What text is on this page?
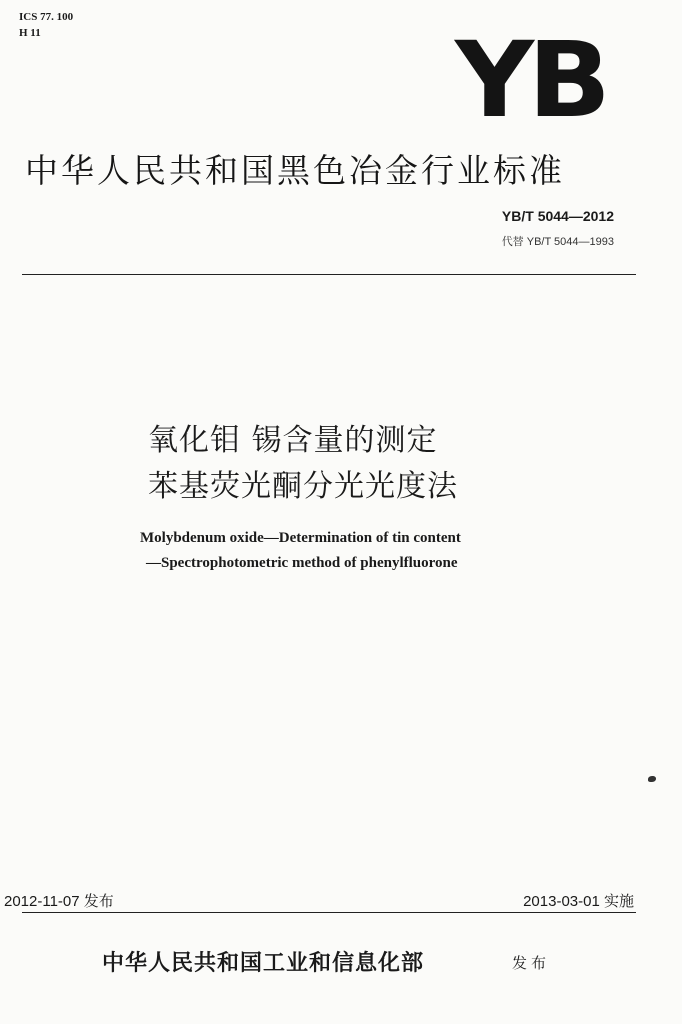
ICS 77. 100
H 11	YB
中华人民共和国黑色冶金行业标准
YB/T 5044—2012
代替 YB/T 5044—1993
氧化钼 锡含量的测定
苯基荧光酮分光光度法
Molybdenum oxide—Determination of tin content
—Spectrophotometric method of phenylfluorone
2012-11-07 发布	2013-03-01 实施
中华人民共和国工业和信息化部	发布
